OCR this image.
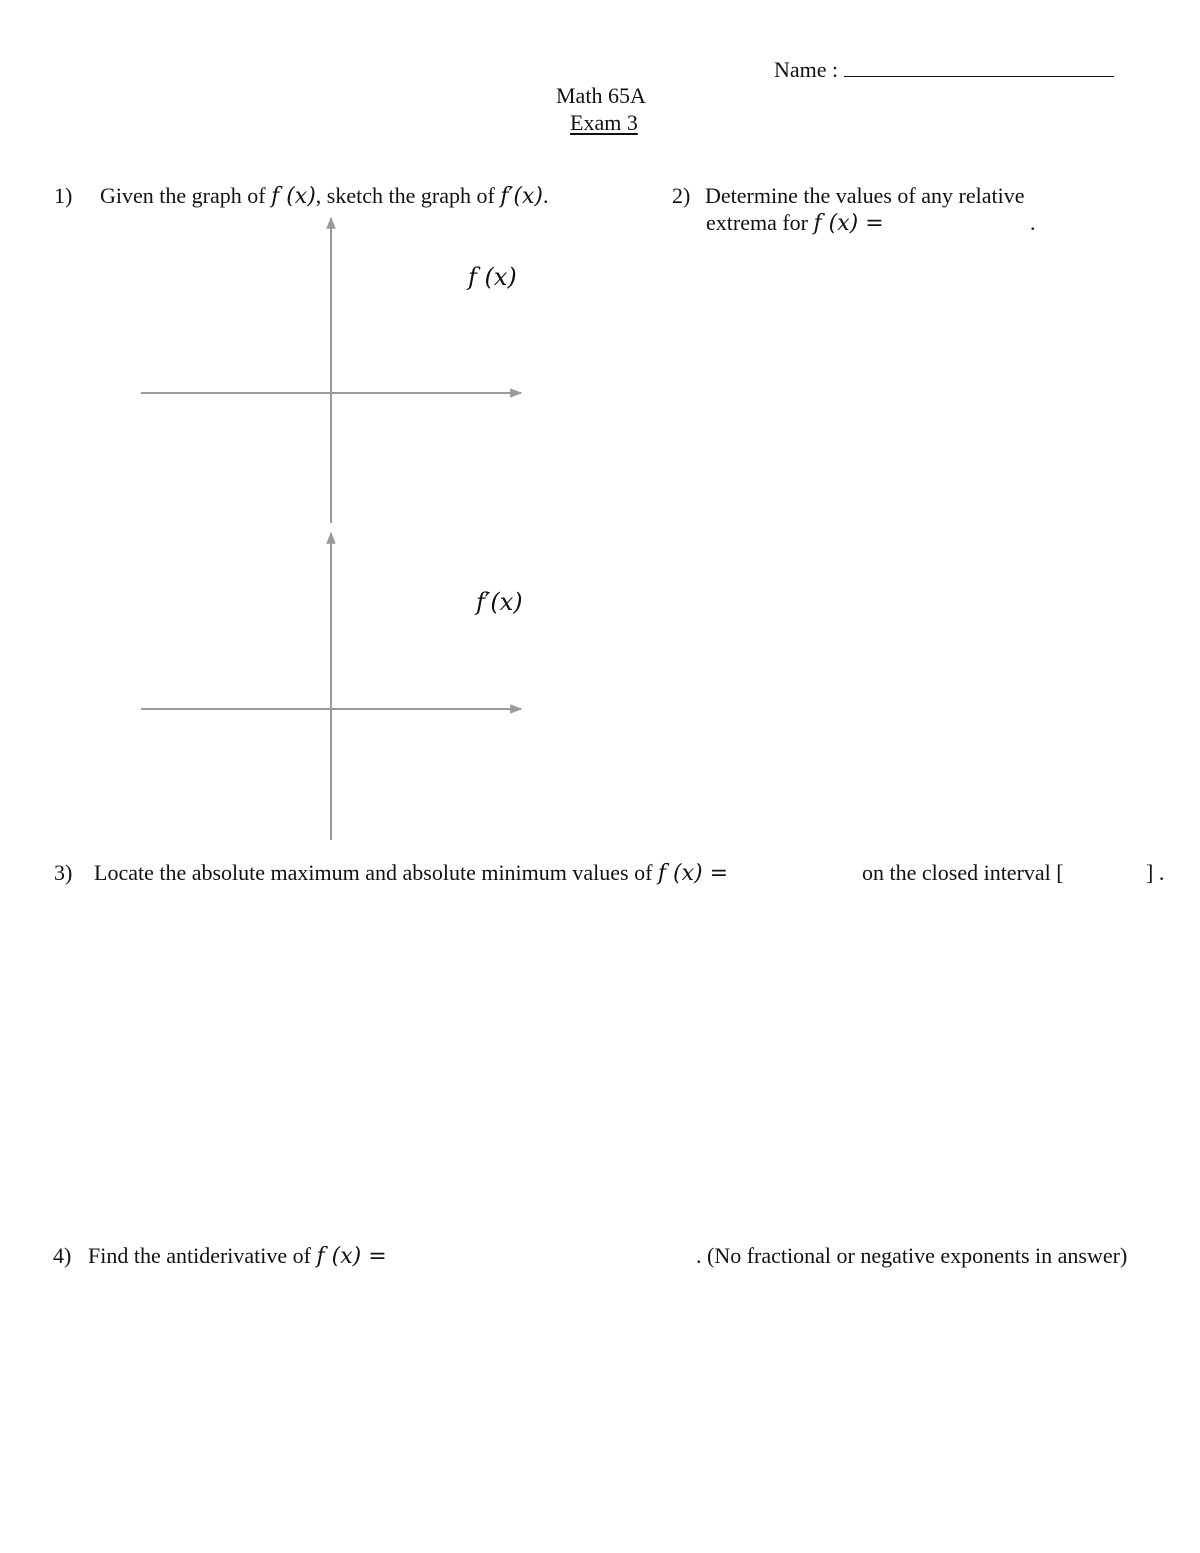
Name :
Math 65A
Exam 3
1) Given the graph of f (x), sketch the graph of f′(x).	2) Determine the values of any relative
extrema for f (x) =	.
f (x)
f′(x)
3) Locate the absolute maximum and absolute minimum values of f (x) =	on the closed interval [	] .
4) Find the antiderivative of f (x) =	. (No fractional or negative exponents in answer)
